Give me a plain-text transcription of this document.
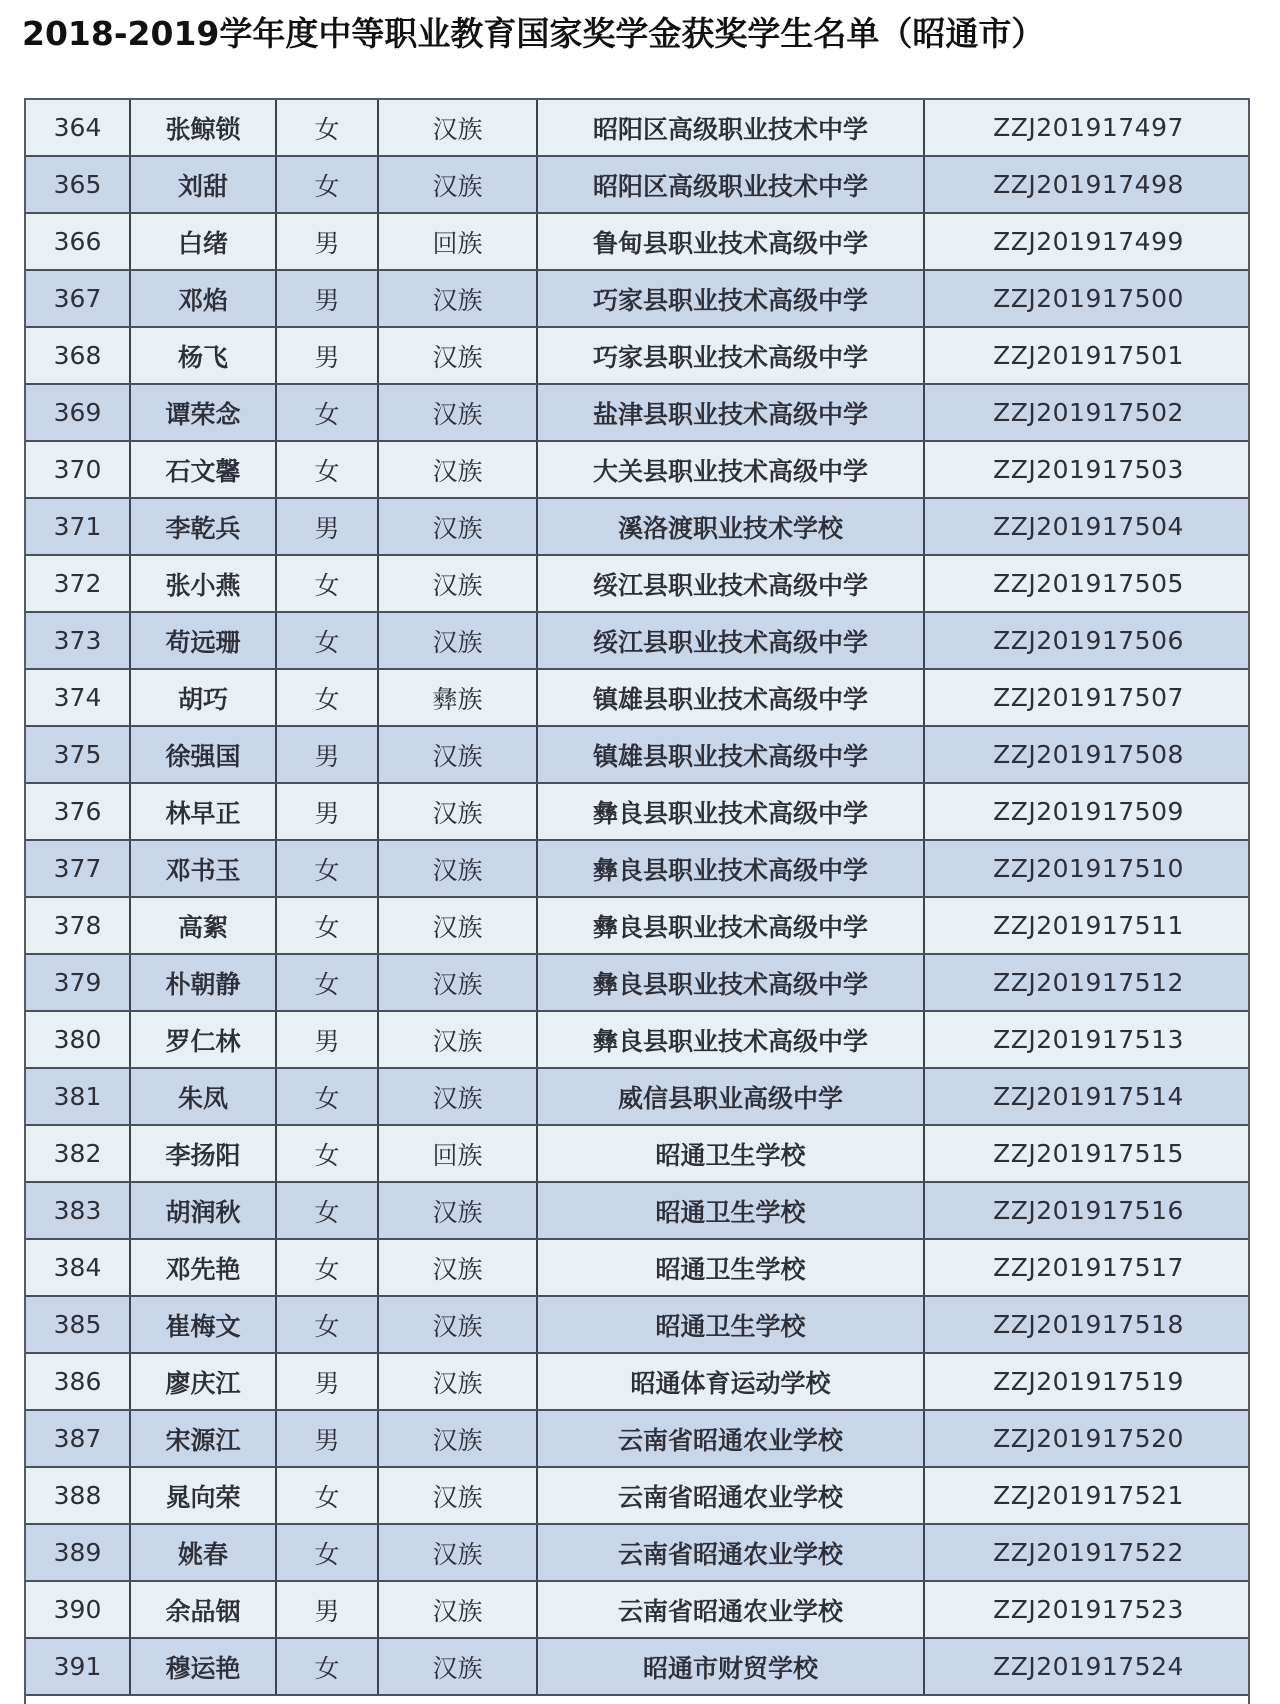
2018-2019学年度中等职业教育国家奖学金获奖学生名单（昭通市）
364	张鲸锁	女	汉族	昭阳区高级职业技术中学	ZZJ201917497
365	刘甜	女	汉族	昭阳区高级职业技术中学	ZZJ201917498
366	白绪	男	回族	鲁甸县职业技术高级中学	ZZJ201917499
367	邓焰	男	汉族	巧家县职业技术高级中学	ZZJ201917500
368	杨飞	男	汉族	巧家县职业技术高级中学	ZZJ201917501
369	谭荣念	女	汉族	盐津县职业技术高级中学	ZZJ201917502
370	石文馨	女	汉族	大关县职业技术高级中学	ZZJ201917503
371	李乾兵	男	汉族	溪洛渡职业技术学校	ZZJ201917504
372	张小燕	女	汉族	绥江县职业技术高级中学	ZZJ201917505
373	苟远珊	女	汉族	绥江县职业技术高级中学	ZZJ201917506
374	胡巧	女	彝族	镇雄县职业技术高级中学	ZZJ201917507
375	徐强国	男	汉族	镇雄县职业技术高级中学	ZZJ201917508
376	林早正	男	汉族	彝良县职业技术高级中学	ZZJ201917509
377	邓书玉	女	汉族	彝良县职业技术高级中学	ZZJ201917510
378	高絮	女	汉族	彝良县职业技术高级中学	ZZJ201917511
379	朴朝静	女	汉族	彝良县职业技术高级中学	ZZJ201917512
380	罗仁林	男	汉族	彝良县职业技术高级中学	ZZJ201917513
381	朱凤	女	汉族	威信县职业高级中学	ZZJ201917514
382	李扬阳	女	回族	昭通卫生学校	ZZJ201917515
383	胡润秋	女	汉族	昭通卫生学校	ZZJ201917516
384	邓先艳	女	汉族	昭通卫生学校	ZZJ201917517
385	崔梅文	女	汉族	昭通卫生学校	ZZJ201917518
386	廖庆江	男	汉族	昭通体育运动学校	ZZJ201917519
387	宋源江	男	汉族	云南省昭通农业学校	ZZJ201917520
388	晁向荣	女	汉族	云南省昭通农业学校	ZZJ201917521
389	姚春	女	汉族	云南省昭通农业学校	ZZJ201917522
390	余品铟	男	汉族	云南省昭通农业学校	ZZJ201917523
391	穆运艳	女	汉族	昭通市财贸学校	ZZJ201917524
